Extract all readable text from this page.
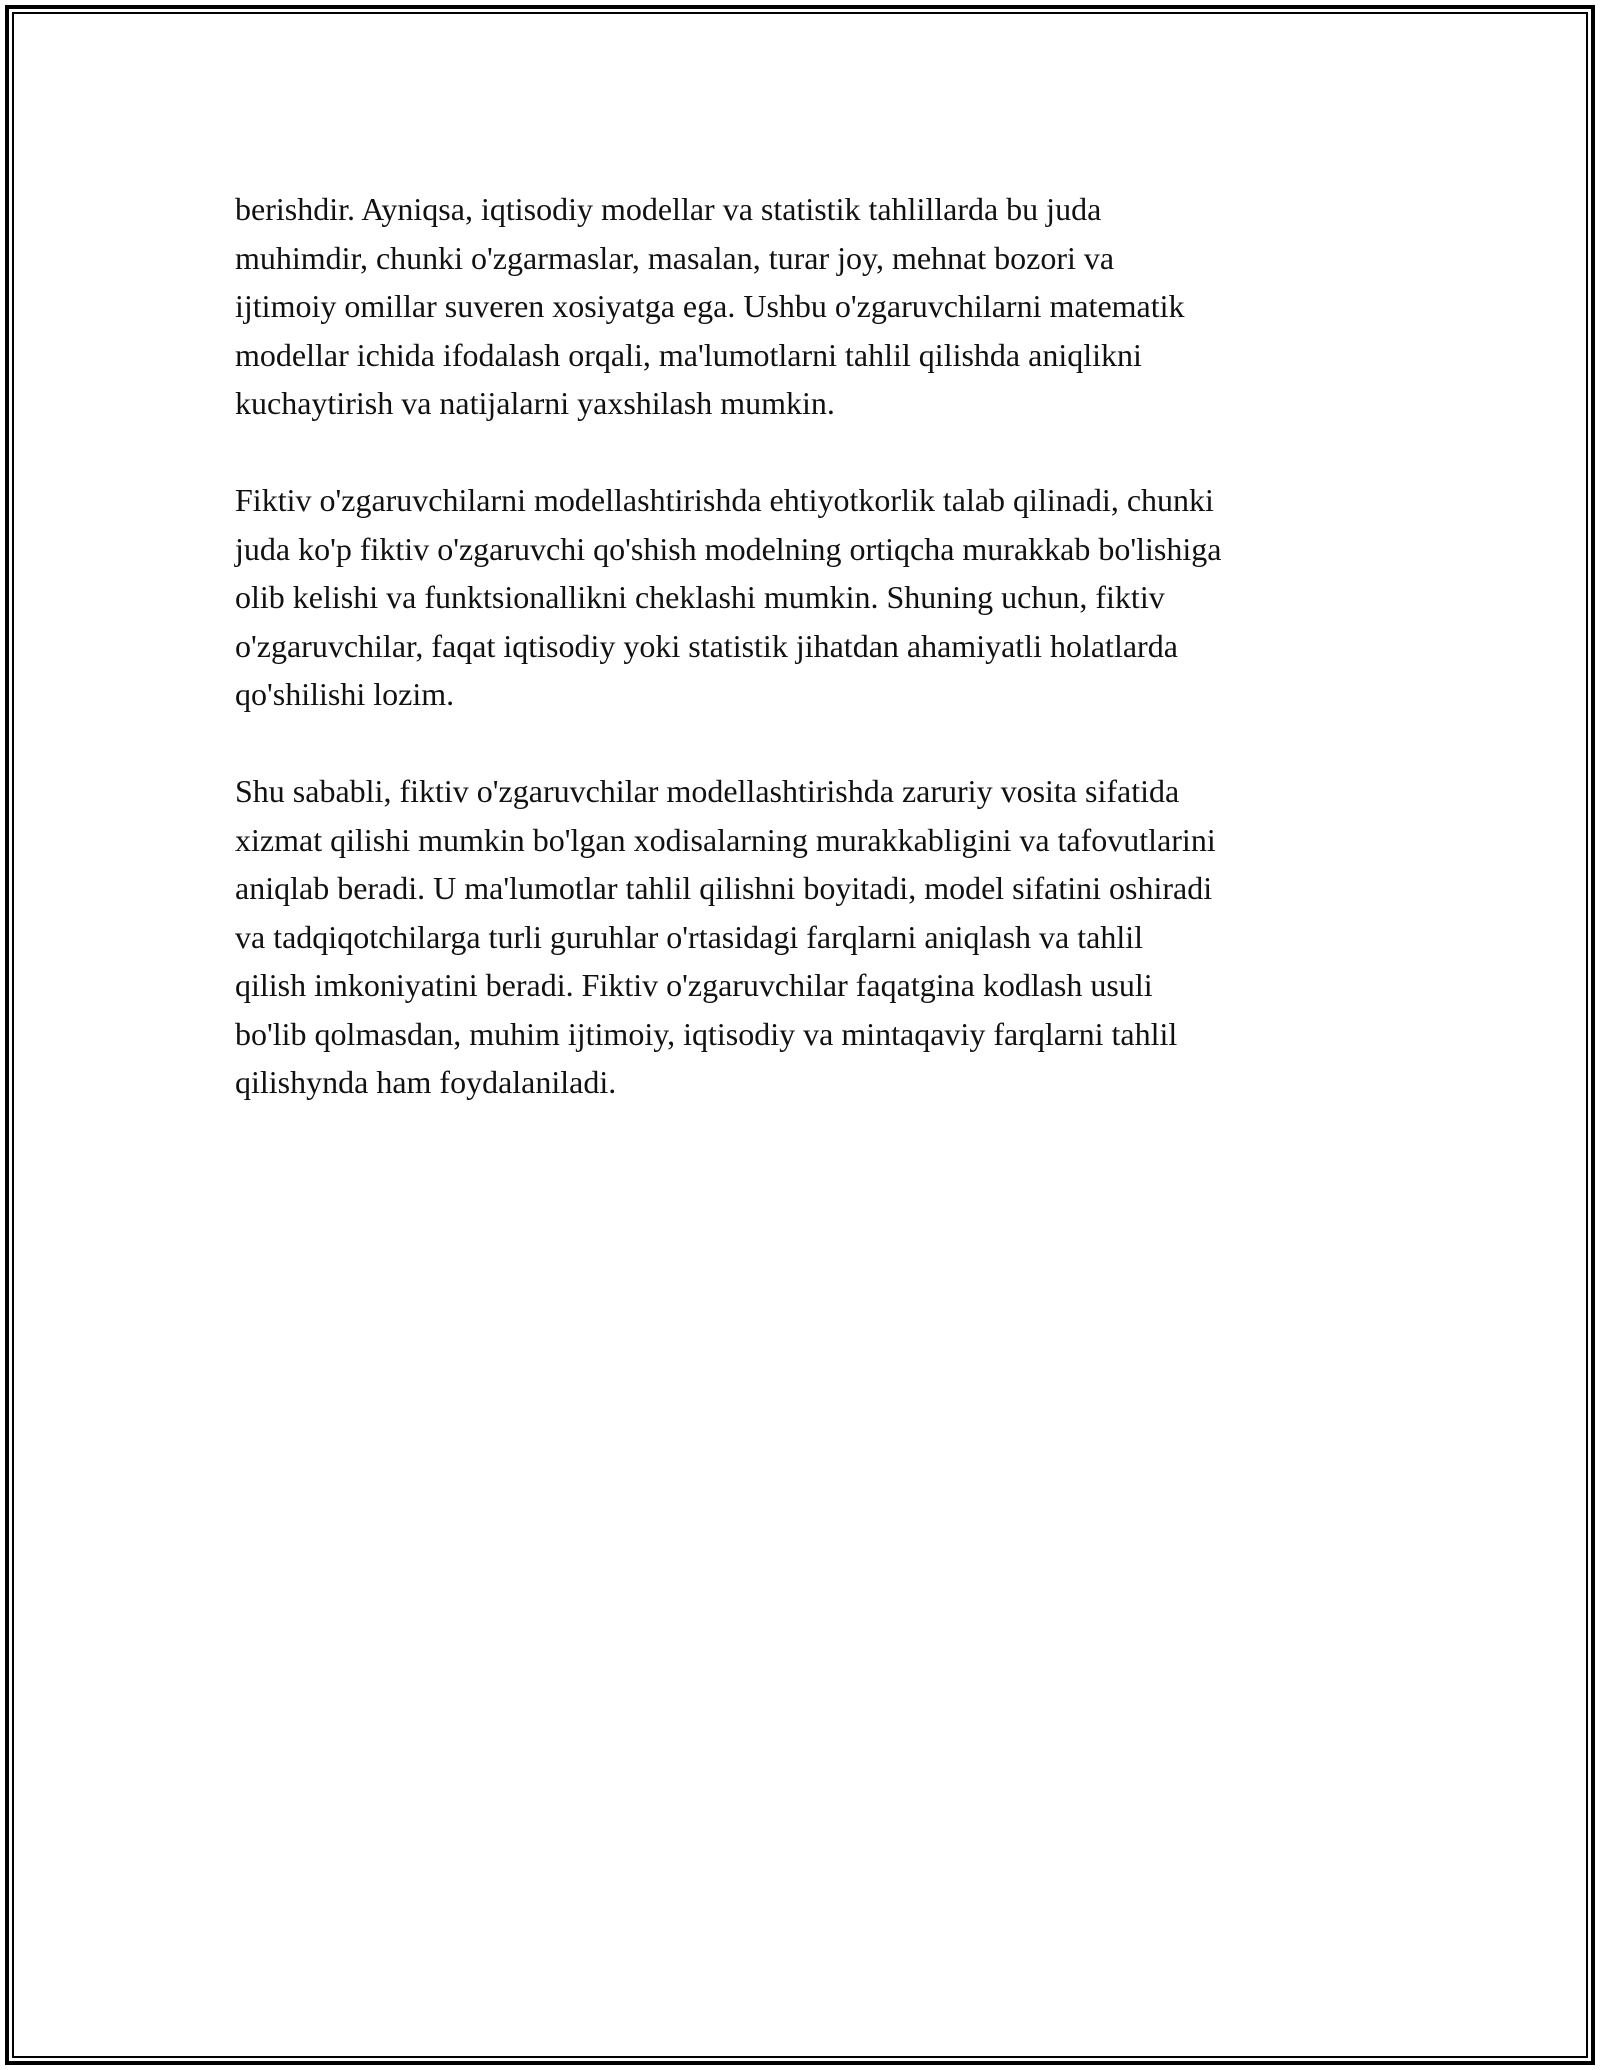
berishdir. Ayniqsa, iqtisodiy modellar va statistik tahlillarda bu juda
muhimdir, chunki o'zgarmaslar, masalan, turar joy, mehnat bozori va
ijtimoiy omillar suveren xosiyatga ega. Ushbu o'zgaruvchilarni matematik
modellar ichida ifodalash orqali, ma'lumotlarni tahlil qilishda aniqlikni
kuchaytirish va natijalarni yaxshilash mumkin.

Fiktiv o'zgaruvchilarni modellashtirishda ehtiyotkorlik talab qilinadi, chunki
juda ko'p fiktiv o'zgaruvchi qo'shish modelning ortiqcha murakkab bo'lishiga
olib kelishi va funktsionallikni cheklashi mumkin. Shuning uchun, fiktiv
o'zgaruvchilar, faqat iqtisodiy yoki statistik jihatdan ahamiyatli holatlarda
qo'shilishi lozim.

Shu sababli, fiktiv o'zgaruvchilar modellashtirishda zaruriy vosita sifatida
xizmat qilishi mumkin bo'lgan xodisalarning murakkabligini va tafovutlarini
aniqlab beradi. U ma'lumotlar tahlil qilishni boyitadi, model sifatini oshiradi
va tadqiqotchilarga turli guruhlar o'rtasidagi farqlarni aniqlash va tahlil
qilish imkoniyatini beradi. Fiktiv o'zgaruvchilar faqatgina kodlash usuli
bo'lib qolmasdan, muhim ijtimoiy, iqtisodiy va mintaqaviy farqlarni tahlil
qilishynda ham foydalaniladi.
